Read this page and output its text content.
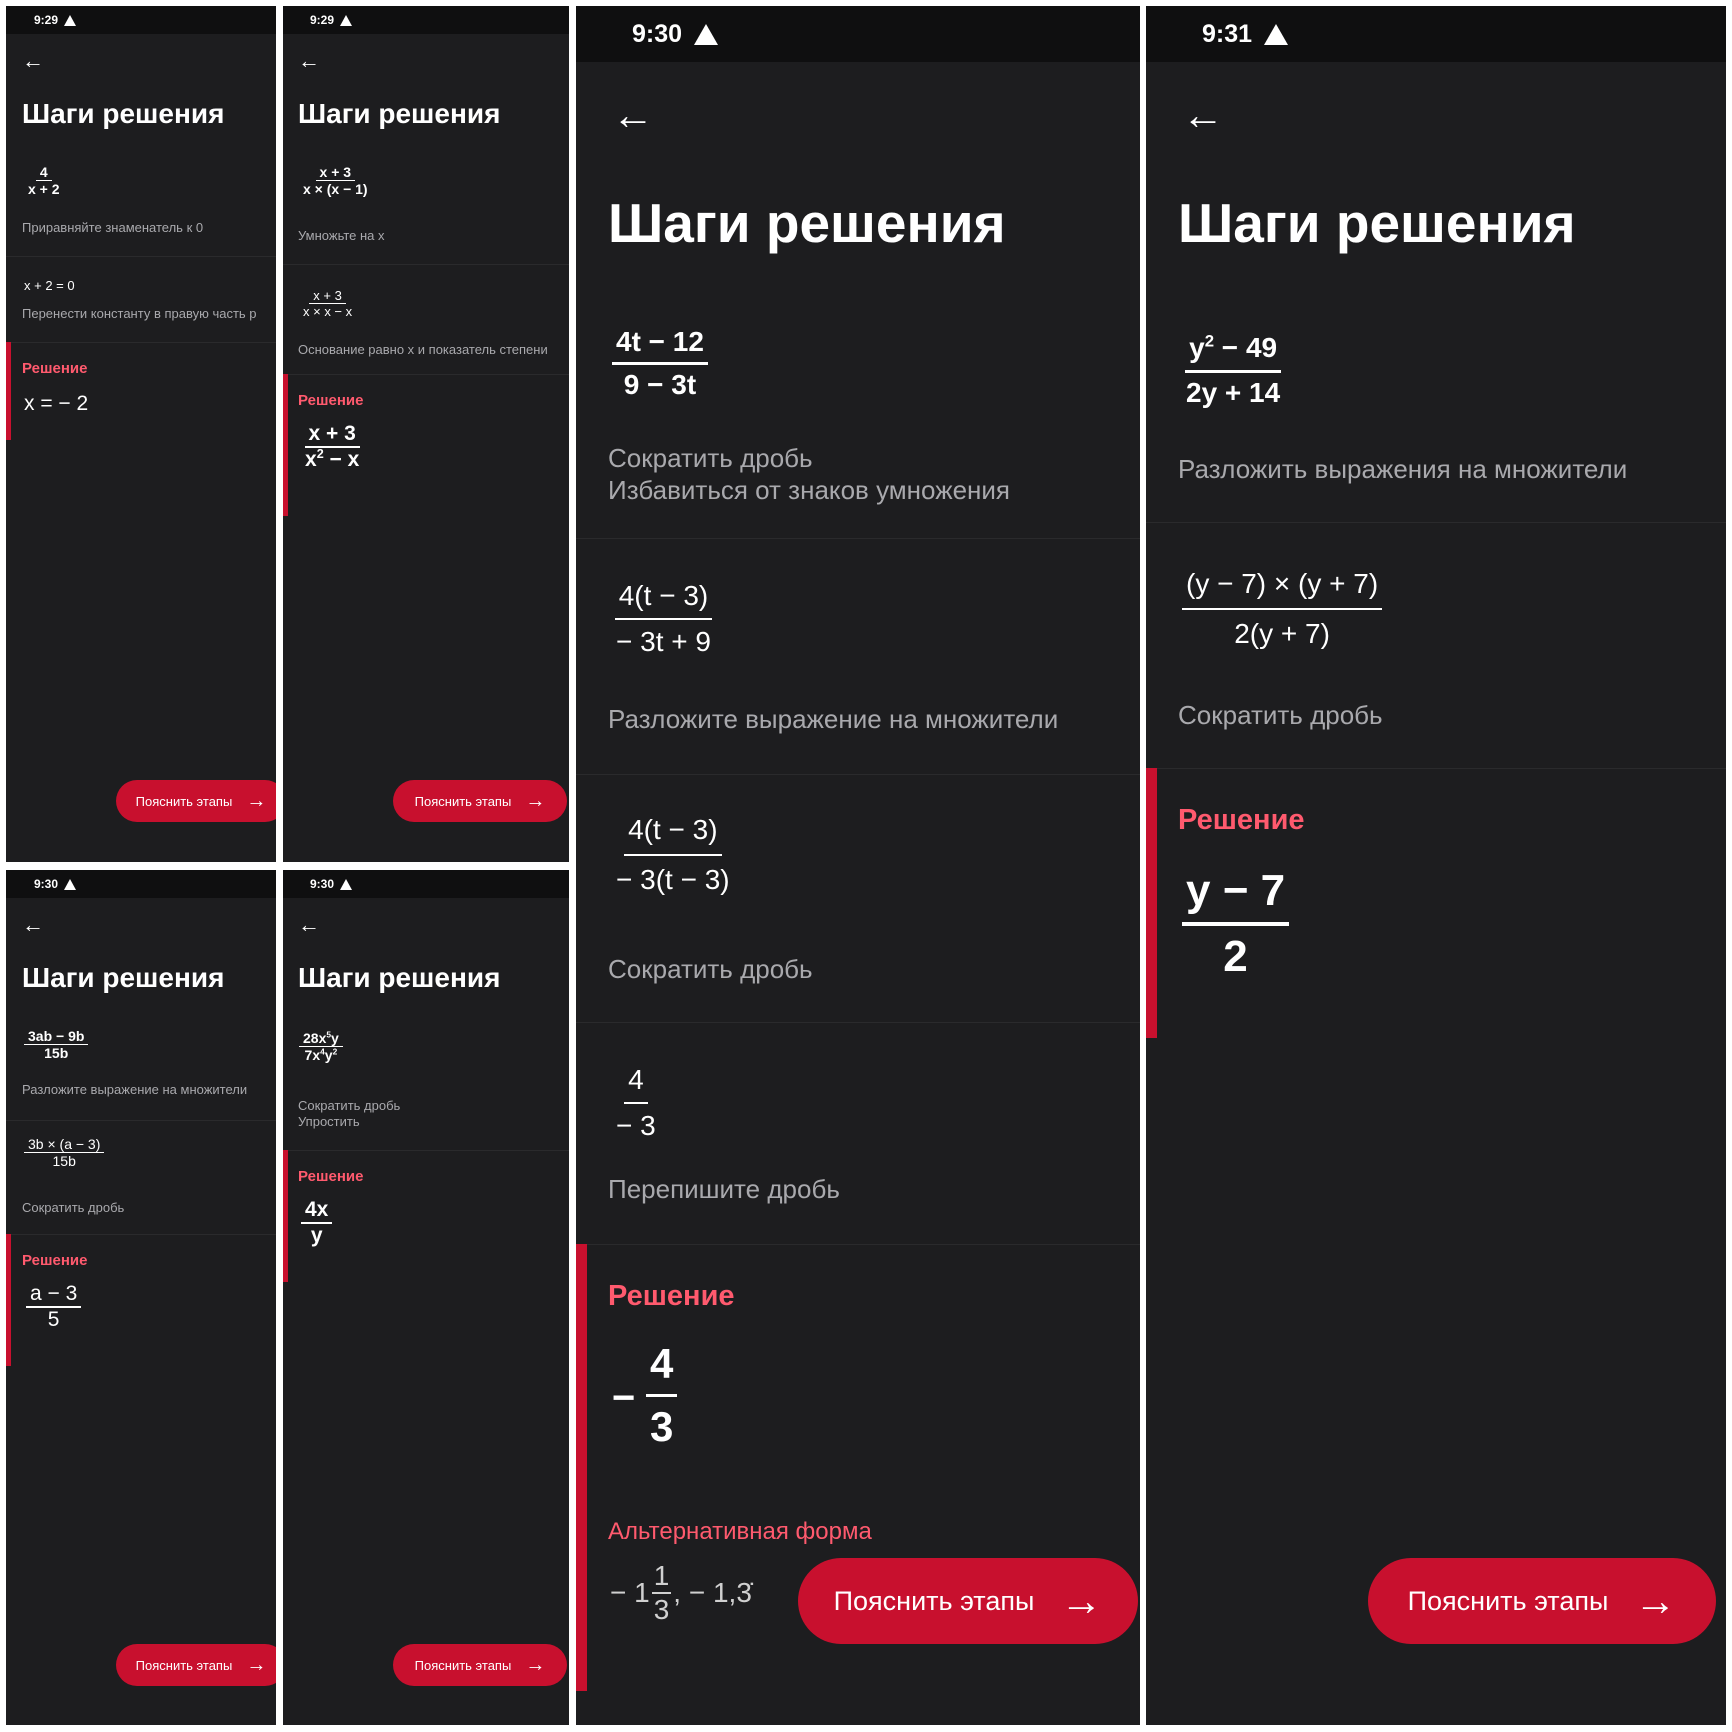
9:29
←
Шаги решения
$\frac{4}{x + 2}$
Приравняйте знаменатель к 0
x + 2 = 0
Перенести константу в правую часть р
Решение
x = − 2
Пояснить этапы →
9:29
←
Шаги решения
$\frac{x + 3}{x \times (x - 1)}$
Умножьте на x
$\frac{x + 3}{x \times x - x}$
Основание равно x и показатель степени
Решение
$\frac{x + 3}{x^2 - x}$
Пояснить этапы →
9:30
←
Шаги решения
$\frac{3ab - 9b}{15b}$
Разложите выражение на множители
$\frac{3b \times (a - 3)}{15b}$
Сократить дробь
Решение
$\frac{a - 3}{5}$
Пояснить этапы →
9:30
←
Шаги решения
$\frac{28x^5y}{7x^4y^2}$
Сократить дробь
Упростить
Решение
$\frac{4x}{y}$
Пояснить этапы →
9:30
←
Шаги решения
$\frac{4t - 12}{9 - 3t}$
Сократить дробь
Избавиться от знаков умножения
$\frac{4(t - 3)}{- 3t + 9}$
Разложите выражение на множители
$\frac{4(t - 3)}{- 3(t - 3)}$
Сократить дробь
$\frac{4}{- 3}$
Перепишите дробь
Решение
− $\frac{4}{3}$
Альтернативная форма
− 1
1
3
, − 1,3̇	Пояснить этапы →
9:31
←
Шаги решения
$\frac{y^2 - 49}{2y + 14}$
Разложить выражения на множители
$\frac{(y - 7) \times (y + 7)}{2(y + 7)}$
Сократить дробь
Решение
$\frac{y - 7}{2}$
Пояснить этапы →
